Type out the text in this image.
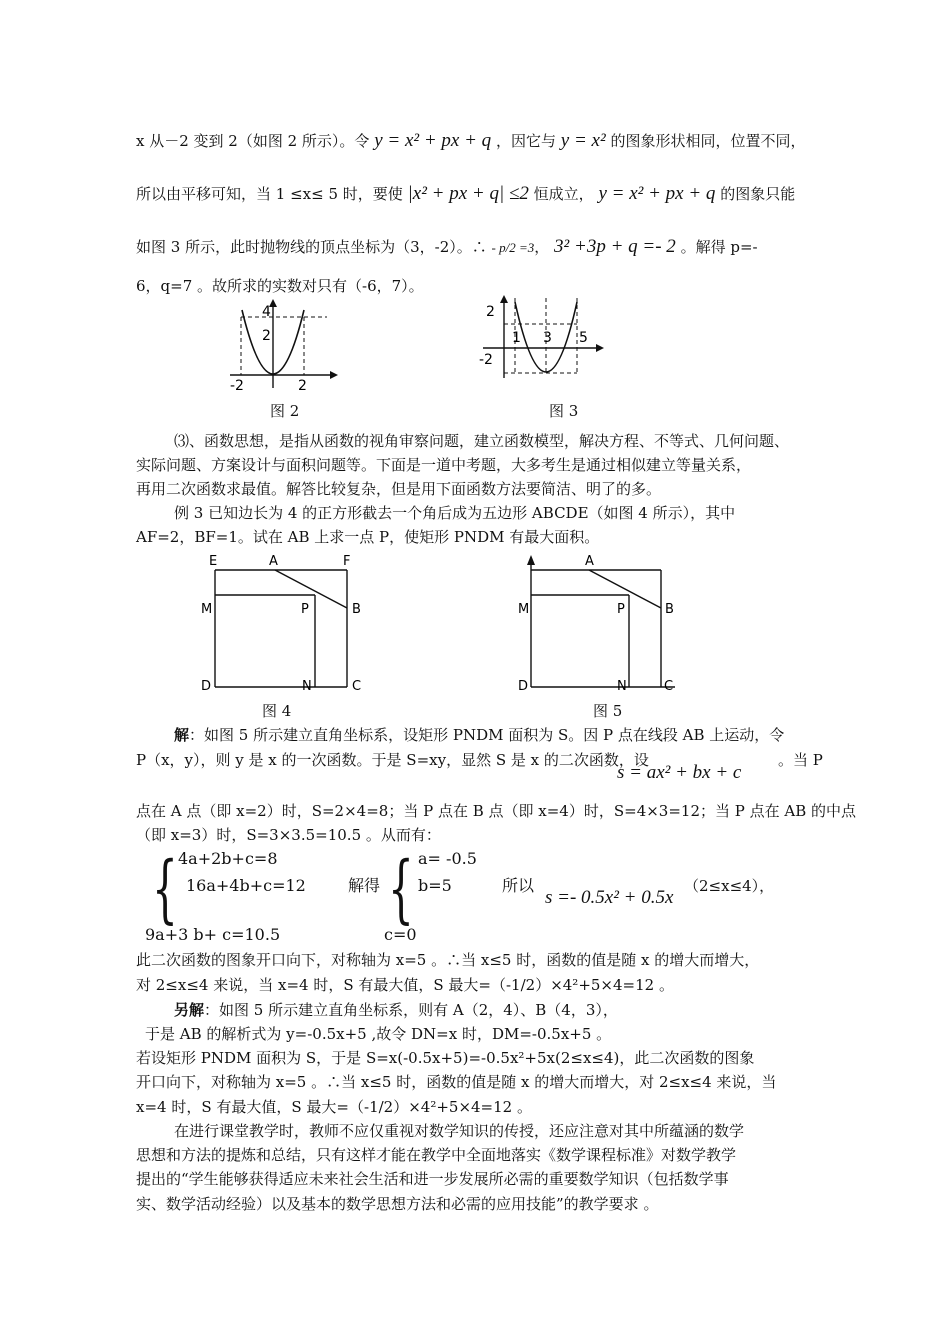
x 从－2 变到 2（如图 2 所示）。令 y = x² + px + q ，因它与 y = x² 的图象形状相同，位置不同，
所以由平移可知，当 1 ≤x≤ 5 时，要使 |x² + px + q| ≤2 恒成立， y = x² + px + q 的图象只能
如图 3 所示，此时抛物线的顶点坐标为（3，-2）。∴ - p/2 =3， 3² +3p + q =- 2 。解得 p=-
6，q=7 。故所求的实数对只有（-6，7）。
-2	2
4
2
图 2
2
-2
1 3 5
图 3
⑶、函数思想，是指从函数的视角审察问题，建立函数模型，解决方程、不等式、几何问题、
实际问题、方案设计与面积问题等。下面是一道中考题，大多考生是通过相似建立等量关系，
再用二次函数求最值。解答比较复杂，但是用下面函数方法要简洁、明了的多。
例 3 已知边长为 4 的正方形截去一个角后成为五边形 ABCDE（如图 4 所示），其中
AF=2，BF=1。试在 AB 上求一点 P，使矩形 PNDM 有最大面积。
E	A	F
M	P	B
D	N	C
图 4
A
M	P	B
D	N	C
图 5
解：如图 5 所示建立直角坐标系，设矩形 PNDM 面积为 S。因 P 点在线段 AB 上运动，令
P（x，y），则 y 是 x 的一次函数。于是 S=xy，显然 S 是 x 的二次函数，设
s = ax² + bx + c
。当 P
点在 A 点（即 x=2）时，S=2×4=8；当 P 点在 B 点（即 x=4）时，S=4×3=12；当 P 点在 AB 的中点
（即 x=3）时，S=3×3.5=10.5 。从而有：
{ 4a+2b+c=8
16a+4b+c=12
9a+3 b+ c=10.5
解得 { a= -0.5
b=5
c=0
所以
s =- 0.5x² + 0.5x
（2≤x≤4），
此二次函数的图象开口向下，对称轴为 x=5 。∴当 x≤5 时，函数的值是随 x 的增大而增大，
对 2≤x≤4 来说，当 x=4 时，S 有最大值，S 最大=（-1/2）×4²+5×4=12 。
另解：如图 5 所示建立直角坐标系，则有 A（2，4）、B（4，3），
于是 AB 的解析式为 y=-0.5x+5 ,故令 DN=x 时，DM=-0.5x+5 。
若设矩形 PNDM 面积为 S，于是 S=x(-0.5x+5)=-0.5x²+5x(2≤x≤4)，此二次函数的图象
开口向下，对称轴为 x=5 。∴当 x≤5 时，函数的值是随 x 的增大而增大，对 2≤x≤4 来说，当
x=4 时，S 有最大值，S 最大=（-1/2）×4²+5×4=12 。
在进行课堂教学时，教师不应仅重视对数学知识的传授，还应注意对其中所蕴涵的数学
思想和方法的提炼和总结，只有这样才能在教学中全面地落实《数学课程标准》对数学教学
提出的“学生能够获得适应未来社会生活和进一步发展所必需的重要数学知识（包括数学事
实、数学活动经验）以及基本的数学思想方法和必需的应用技能”的教学要求 。
